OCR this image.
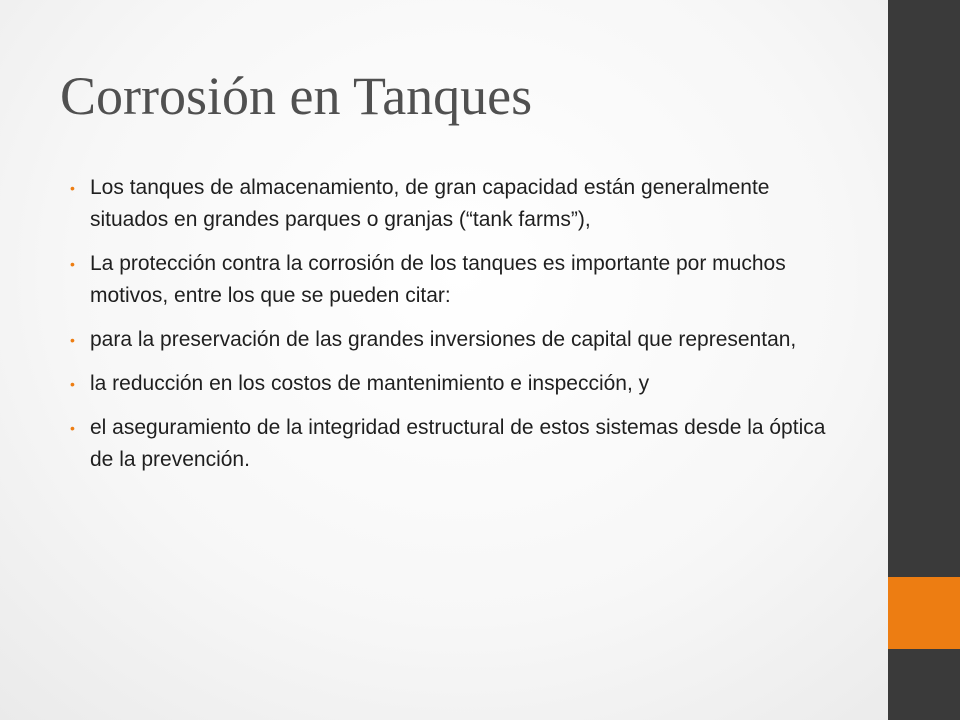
Corrosión en Tanques
• Los tanques de almacenamiento, de gran capacidad están generalmente situados en grandes parques o granjas (“tank farms”),
• La protección contra la corrosión de los tanques es importante por muchos motivos, entre los que se pueden citar:
• para la preservación de las grandes inversiones de capital que representan,
• la reducción en los costos de mantenimiento e inspección, y
• el aseguramiento de la integridad estructural de estos sistemas desde la óptica de la prevención.
